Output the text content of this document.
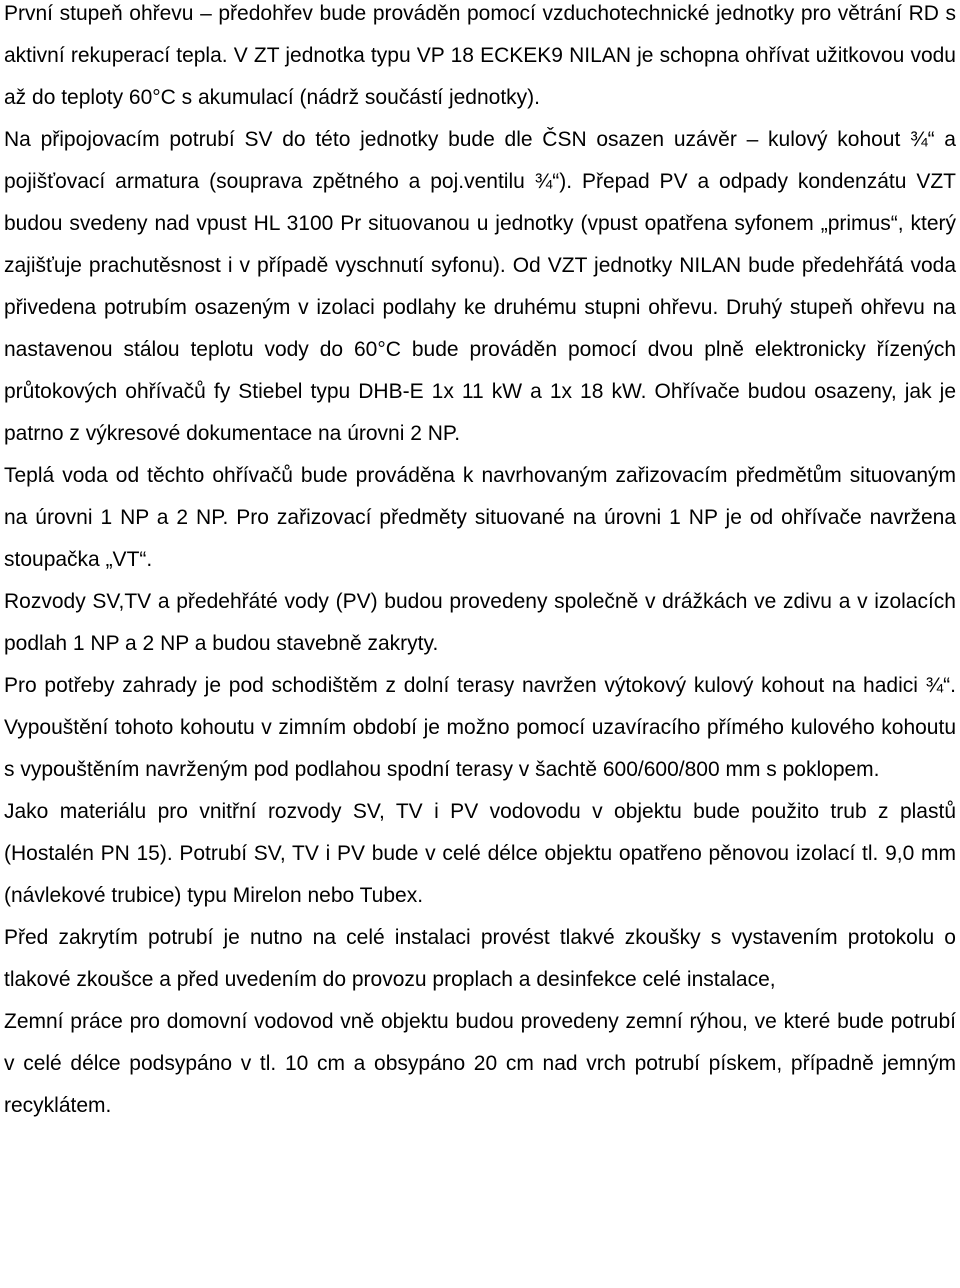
První stupeň ohřevu – předohřev bude prováděn pomocí vzduchotechnické jednotky pro větrání RD s aktivní rekuperací tepla. V ZT jednotka typu VP 18 ECKEK9 NILAN je schopna ohřívat užitkovou vodu až do teploty 60°C s akumulací (nádrž součástí jednotky).

Na připojovacím potrubí SV do této jednotky bude dle ČSN osazen uzávěr – kulový kohout ¾“ a pojišťovací armatura (souprava zpětného a poj.ventilu ¾“). Přepad PV a odpady kondenzátu VZT budou svedeny nad vpust HL 3100 Pr situovanou u jednotky (vpust opatřena syfonem „primus“, který zajišťuje prachutěsnost i v případě vyschnutí syfonu). Od VZT jednotky NILAN bude předehřátá voda přivedena potrubím osazeným v izolaci podlahy ke druhému stupni ohřevu. Druhý stupeň ohřevu na nastavenou stálou teplotu vody do 60°C bude prováděn pomocí dvou plně elektronicky řízených průtokových ohřívačů fy Stiebel typu DHB-E 1x 11 kW a 1x 18 kW. Ohřívače budou osazeny, jak je patrno z výkresové dokumentace na úrovni 2 NP.

Teplá voda od těchto ohřívačů bude prováděna k navrhovaným zařizovacím předmětům situovaným na úrovni 1 NP a 2 NP. Pro zařizovací předměty situované na úrovni 1 NP je od ohřívače navržena stoupačka „VT“.

Rozvody SV,TV a předehřáté vody (PV) budou provedeny společně v drážkách ve zdivu a v izolacích podlah 1 NP a 2 NP a budou stavebně zakryty.

Pro potřeby zahrady je pod schodištěm z dolní terasy navržen výtokový kulový kohout na hadici ¾“. Vypouštění tohoto kohoutu v zimním období je možno pomocí uzavíracího přímého kulového kohoutu s vypouštěním navrženým pod podlahou spodní terasy v šachtě 600/600/800 mm s poklopem.

Jako materiálu pro vnitřní rozvody SV, TV i PV vodovodu v objektu bude použito trub z plastů (Hostalén PN 15). Potrubí SV, TV i PV bude v celé délce objektu opatřeno pěnovou izolací tl. 9,0 mm (návlekové trubice) typu Mirelon nebo Tubex.

Před zakrytím potrubí je nutno na celé instalaci provést tlakvé zkoušky s vystavením protokolu o tlakové zkoušce a před uvedením do provozu proplach a desinfekce celé instalace,

Zemní práce pro domovní vodovod vně objektu budou provedeny zemní rýhou, ve které bude potrubí v celé délce podsypáno v tl. 10 cm a obsypáno 20 cm nad vrch potrubí pískem, případně jemným recyklátem.
